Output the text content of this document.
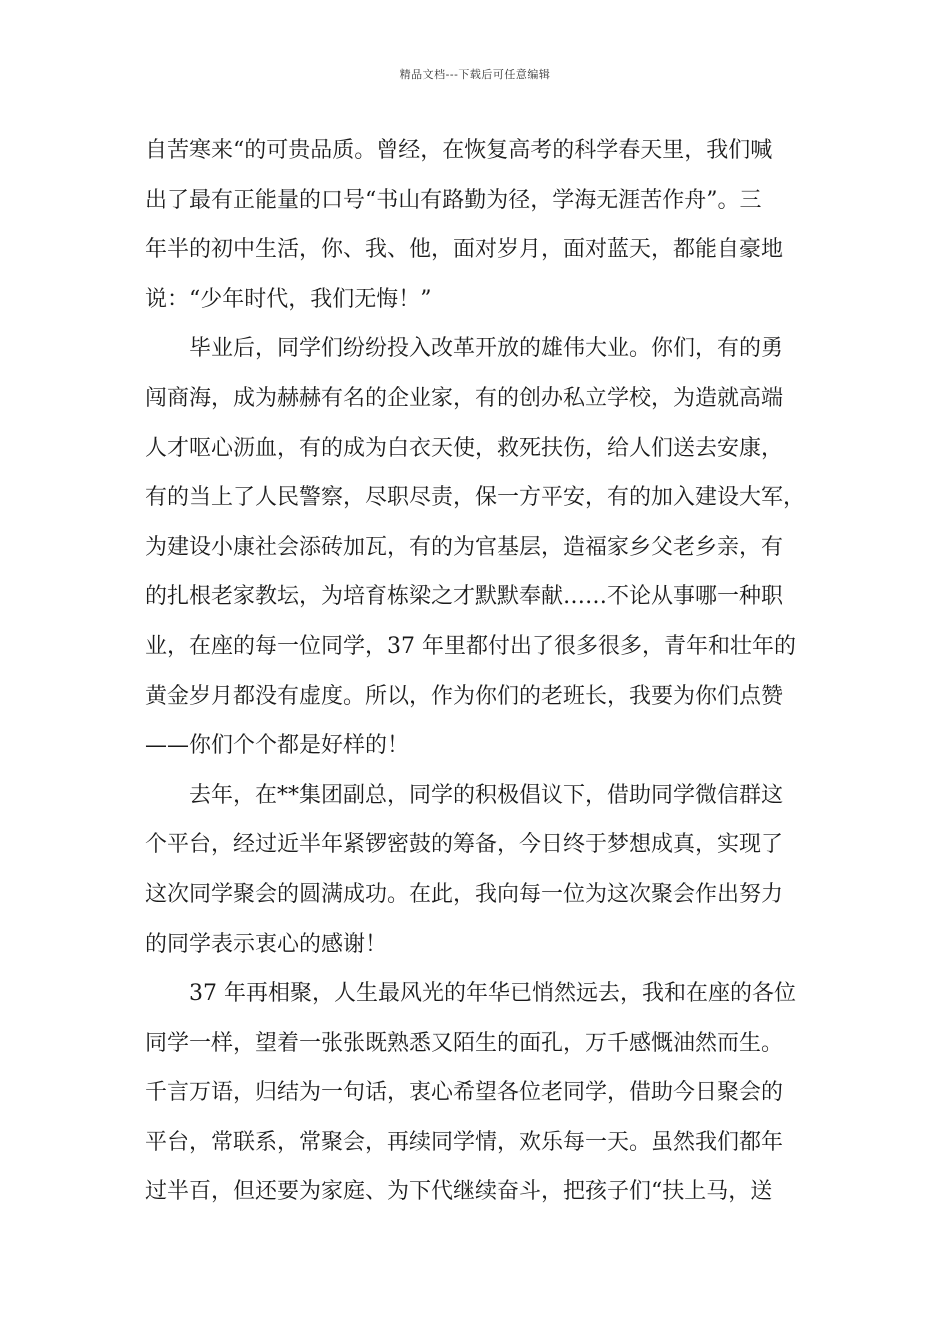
精品文档---下载后可任意编辑
自苦寒来“的可贵品质。曾经，在恢复高考的科学春天里，我们喊
出了最有正能量的口号“书山有路勤为径，学海无涯苦作舟”。三
年半的初中生活，你、我、他，面对岁月，面对蓝天，都能自豪地
说：“少年时代，我们无悔！”
毕业后，同学们纷纷投入改革开放的雄伟大业。你们，有的勇
闯商海，成为赫赫有名的企业家，有的创办私立学校，为造就高端
人才呕心沥血，有的成为白衣天使，救死扶伤，给人们送去安康，
有的当上了人民警察，尽职尽责，保一方平安，有的加入建设大军，
为建设小康社会添砖加瓦，有的为官基层，造福家乡父老乡亲，有
的扎根老家教坛，为培育栋梁之才默默奉献……不论从事哪一种职
业，在座的每一位同学，37 年里都付出了很多很多，青年和壮年的
黄金岁月都没有虚度。所以，作为你们的老班长，我要为你们点赞
——你们个个都是好样的！
去年，在**集团副总，同学的积极倡议下，借助同学微信群这
个平台，经过近半年紧锣密鼓的筹备，今日终于梦想成真，实现了
这次同学聚会的圆满成功。在此，我向每一位为这次聚会作出努力
的同学表示衷心的感谢！
37 年再相聚，人生最风光的年华已悄然远去，我和在座的各位
同学一样，望着一张张既熟悉又陌生的面孔，万千感慨油然而生。
千言万语，归结为一句话，衷心希望各位老同学，借助今日聚会的
平台，常联系，常聚会，再续同学情，欢乐每一天。虽然我们都年
过半百，但还要为家庭、为下代继续奋斗，把孩子们“扶上马，送
